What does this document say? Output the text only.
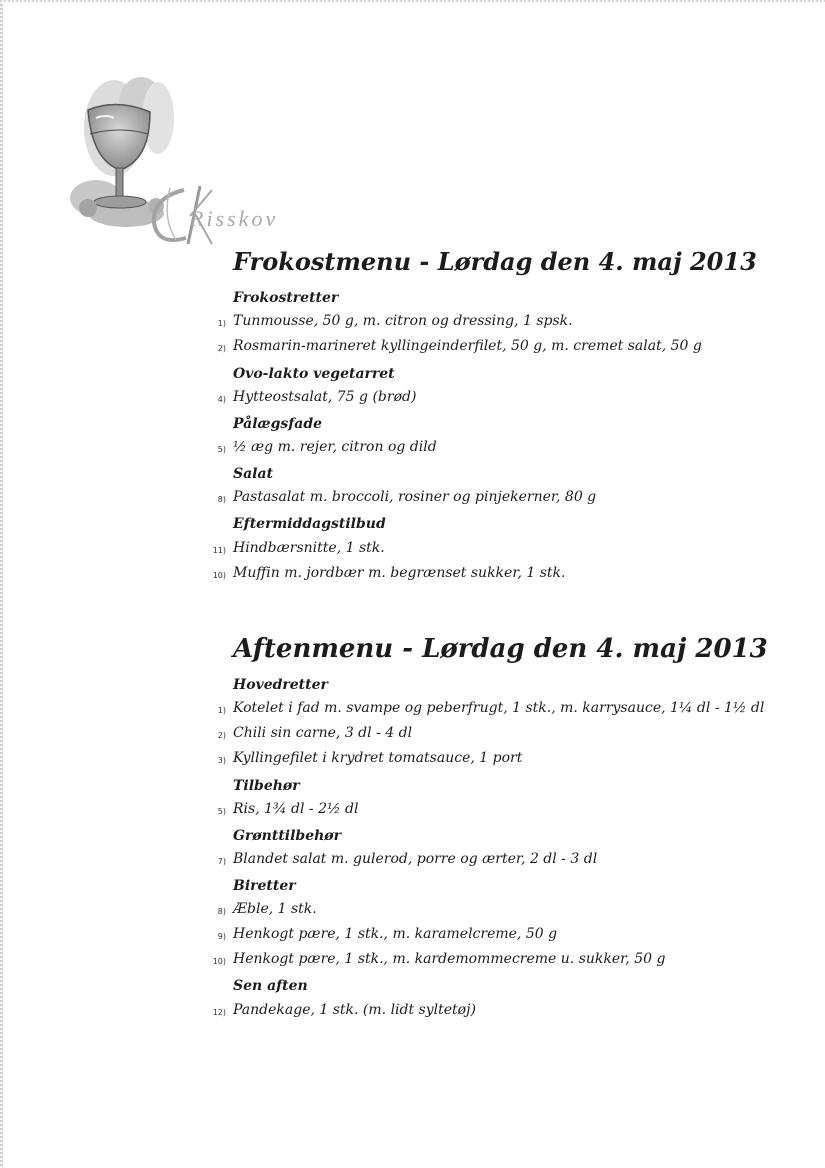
Risskov
Frokostmenu - Lørdag den 4. maj 2013
Frokostretter
1) Tunmousse, 50 g, m. citron og dressing, 1 spsk.
2) Rosmarin-marineret kyllingeinderfilet, 50 g, m. cremet salat, 50 g
Ovo-lakto vegetarret
4) Hytteostsalat, 75 g (brød)
Pålægsfade
5) ½ æg m. rejer, citron og dild
Salat
8) Pastasalat m. broccoli, rosiner og pinjekerner, 80 g
Eftermiddagstilbud
11) Hindbærsnitte, 1 stk.
10) Muffin m. jordbær m. begrænset sukker, 1 stk.
Aftenmenu - Lørdag den 4. maj 2013
Hovedretter
1) Kotelet i fad m. svampe og peberfrugt, 1 stk., m. karrysauce, 1¼ dl - 1½ dl
2) Chili sin carne, 3 dl - 4 dl
3) Kyllingefilet i krydret tomatsauce, 1 port
Tilbehør
5) Ris, 1¾ dl - 2½ dl
Grønttilbehør
7) Blandet salat m. gulerod, porre og ærter, 2 dl - 3 dl
Biretter
8) Æble, 1 stk.
9) Henkogt pære, 1 stk., m. karamelcreme, 50 g
10) Henkogt pære, 1 stk., m. kardemommecreme u. sukker, 50 g
Sen aften
12) Pandekage, 1 stk. (m. lidt syltetøj)
